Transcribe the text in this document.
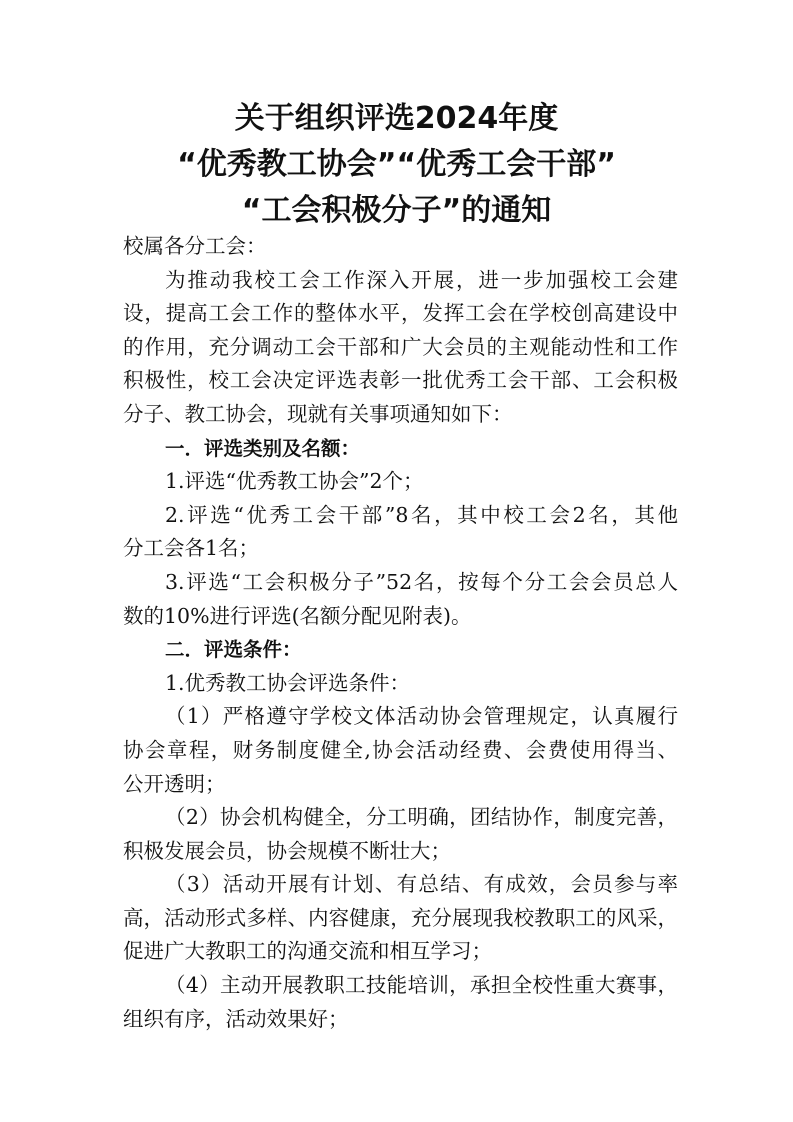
关于组织评选2024年度
“优秀教工协会”“优秀工会干部”
“工会积极分子”的通知
校属各分工会：
为推动我校工会工作深入开展，进一步加强校工会建
设，提高工会工作的整体水平，发挥工会在学校创高建设中
的作用，充分调动工会干部和广大会员的主观能动性和工作
积极性，校工会决定评选表彰一批优秀工会干部、工会积极
分子、教工协会，现就有关事项通知如下：
一．评选类别及名额：
1.评选“优秀教工协会”2个；
2.评选“优秀工会干部”8名，其中校工会2名，其他
分工会各1名；
3.评选“工会积极分子”52名，按每个分工会会员总人
数的10%进行评选(名额分配见附表)。
二．评选条件：
1.优秀教工协会评选条件：
（1）严格遵守学校文体活动协会管理规定，认真履行
协会章程，财务制度健全,协会活动经费、会费使用得当、
公开透明；
（2）协会机构健全，分工明确，团结协作，制度完善，
积极发展会员，协会规模不断壮大；
（3）活动开展有计划、有总结、有成效，会员参与率
高，活动形式多样、内容健康，充分展现我校教职工的风采，
促进广大教职工的沟通交流和相互学习；
（4）主动开展教职工技能培训，承担全校性重大赛事，
组织有序，活动效果好；
